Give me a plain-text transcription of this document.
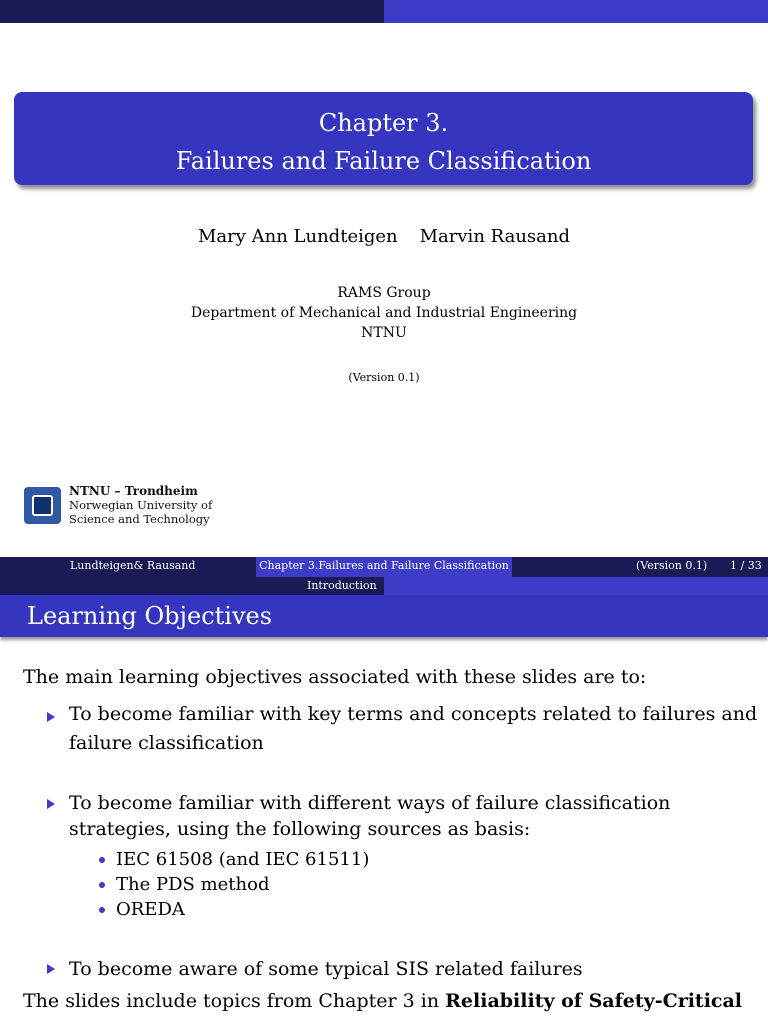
Chapter 3.
Failures and Failure Classification
Mary Ann Lundteigen Marvin Rausand
RAMS Group
Department of Mechanical and Industrial Engineering
NTNU
(Version 0.1)
NTNU – Trondheim
Norwegian University of
Science and Technology
Lundteigen& Rausand	Chapter 3.Failures and Failure Classification	(Version 0.1) 1 / 33
Introduction
Learning Objectives
The main learning objectives associated with these slides are to:
To become familiar with key terms and concepts related to failures and failure classification
To become familiar with different ways of failure classification strategies, using the following sources as basis:
IEC 61508 (and IEC 61511)
The PDS method
OREDA
To become aware of some typical SIS related failures
The slides include topics from Chapter 3 in Reliability of Safety-Critical
